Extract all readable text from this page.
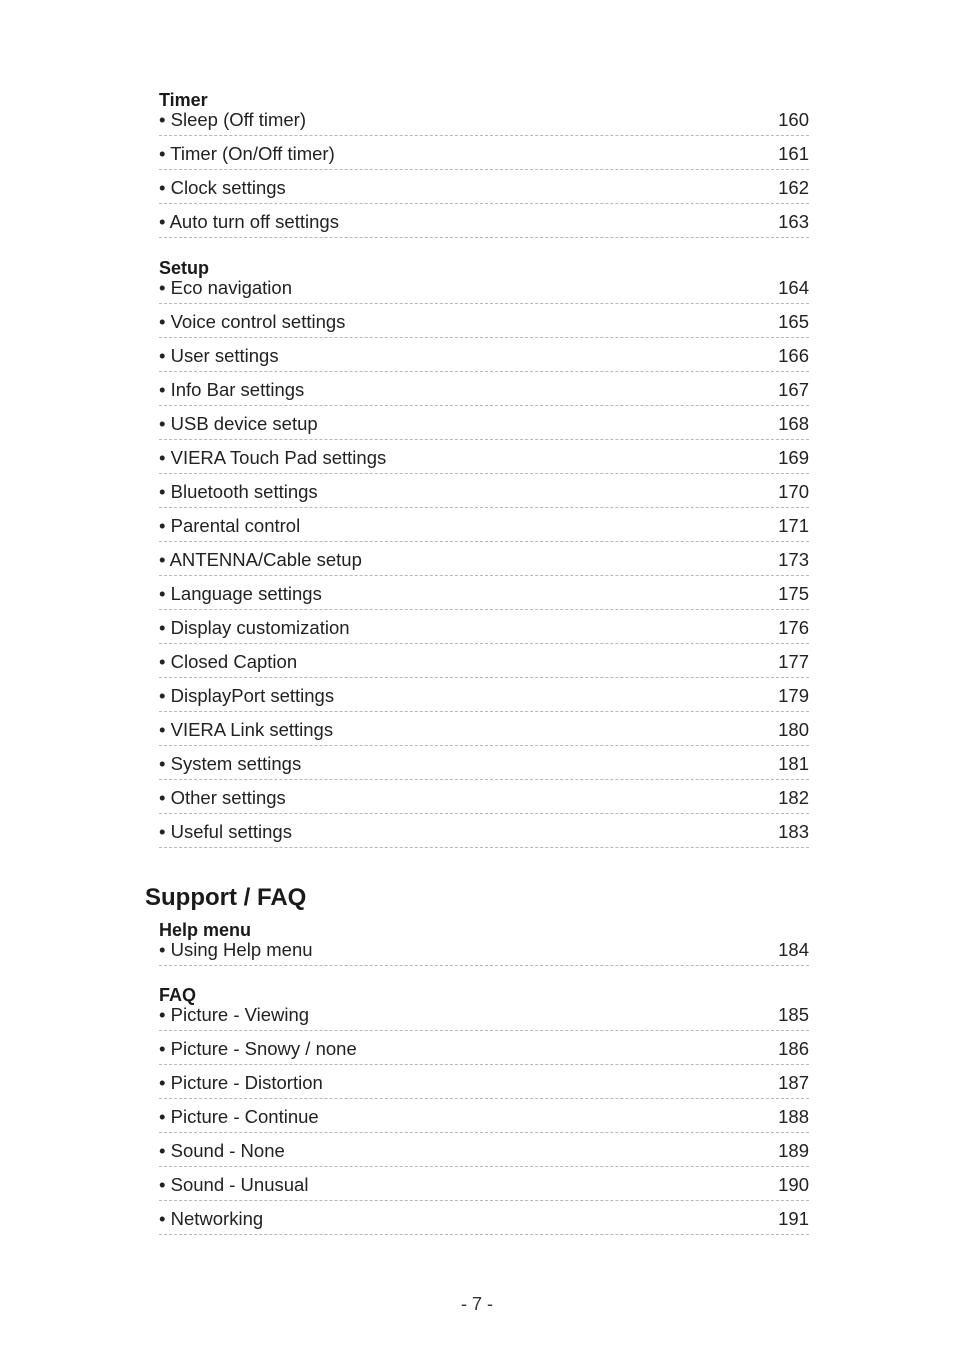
Timer
• Sleep (Off timer)	160
• Timer (On/Off timer)	161
• Clock settings	162
• Auto turn off settings	163
Setup
• Eco navigation	164
• Voice control settings	165
• User settings	166
• Info Bar settings	167
• USB device setup	168
• VIERA Touch Pad settings	169
• Bluetooth settings	170
• Parental control	171
• ANTENNA/Cable setup	173
• Language settings	175
• Display customization	176
• Closed Caption	177
• DisplayPort settings	179
• VIERA Link settings	180
• System settings	181
• Other settings	182
• Useful settings	183
Support / FAQ
Help menu
• Using Help menu	184
FAQ
• Picture - Viewing	185
• Picture - Snowy / none	186
• Picture - Distortion	187
• Picture - Continue	188
• Sound - None	189
• Sound - Unusual	190
• Networking	191
- 7 -
